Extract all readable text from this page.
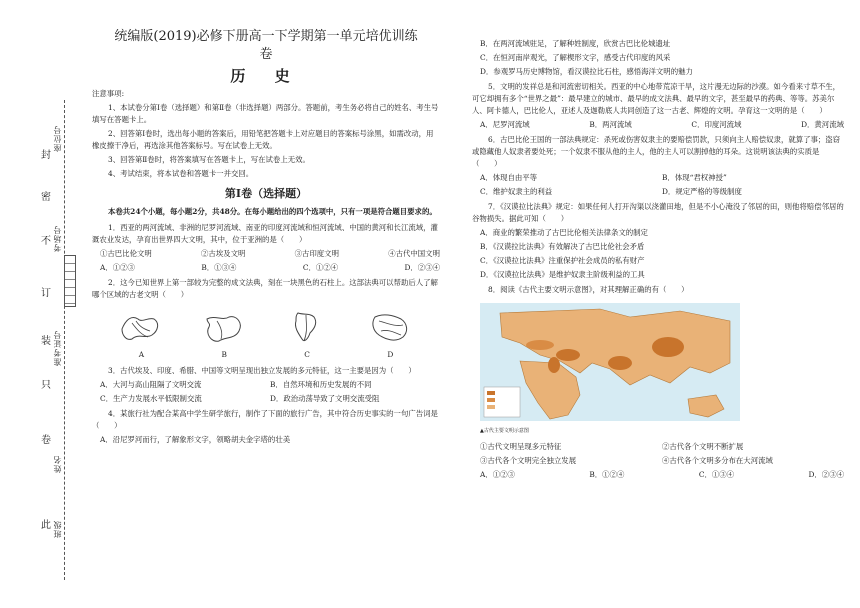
此
卷
只
装
订
不
密
封
班级
姓名
准考证号
考场号
座位号
统编版(2019)必修下册高一下学期第一单元培优训练
卷
历 史
注意事项:

1、本试卷分第Ⅰ卷（选择题）和第Ⅱ卷（非选择题）两部分。答题前，考生务必将自己的姓名、考生号填写在答题卡上。

2、回答第Ⅰ卷时，选出每小题的答案后，用铅笔把答题卡上对应题目的答案标号涂黑，如需改动，用橡皮擦干净后，再选涂其他答案标号。写在试卷上无效。

3、回答第Ⅱ卷时，将答案填写在答题卡上，写在试卷上无效。

4、考试结束，将本试卷和答题卡一并交回。

第Ⅰ卷（选择题）

本卷共24个小题，每小题2分，共48分。在每小题给出的四个选项中，只有一项是符合题目要求的。

1．西亚的两河流域、非洲的尼罗河流域、南亚的印度河流域和恒河流域、中国的黄河和长江流域，灌溉农业发达，孕育出世界四大文明，其中，位于亚洲的是（　　）

①古巴比伦文明	②古埃及文明	③古印度文明	④古代中国文明
A．①②③	B．①③④	C．①②④	D．②③④

2．这今已知世界上第一部较为完整的成文法典，刻在一块黑色的石柱上。这部法典可以帮助后人了解哪个区域的古老文明（　　）

A	B	C	D

3．古代埃及、印度、希腊、中国等文明呈现出独立发展的多元特征，这一主要是因为（　　）

A．大河与高山阻隔了文明交流	B．自然环境和历史发展的不同
C．生产力发展水平低限制交流	D．政治动荡导致了文明交流受阻

4．某旅行社为配合某高中学生研学旅行，制作了下面的旅行广告，其中符合历史事实的一句广告词是（　　）

A．沿尼罗河而行，了解象形文字，领略胡夫金字塔的壮美

B．在两河流域驻足，了解种姓制度，欣赏古巴比伦城遗址

C．在恒河南岸观光，了解楔形文字，感受古代印度的风采

D．参观罗马历史博物馆，看汉谟拉比石柱，感悟海洋文明的魅力

5．文明的发祥总是和河流密切相关。西亚的中心地带荒凉干旱，这片漫无边际的沙漠。如今看来寸草不生，可它却拥有多个“世界之最”：最早建立的城市、最早的成文法典、最早的文字，甚至最早的药典、等等。苏美尔人、阿卡德人，巴比伦人，亚述人及迦勒底人共同创造了这一古老、辉煌的文明。孕育这一文明的是（　　）

A．尼罗河流域	B．两河流域	C．印度河流域	D．黄河流域

6．古巴比伦王国的一部法典规定：杀死或伤害奴隶主的要赔偿罚款，只须向主人赔偿奴隶，就算了事；盗窃或隐藏他人奴隶者要处死；一个奴隶不服从他的主人，他的主人可以割掉他的耳朵。这说明该法典的实质是（　　）

A．体现自由平等	B．体现“君权神授”
C．维护奴隶主的利益	D．规定严格的等级制度

7．《汉谟拉比法典》规定：如果任何人打开沟渠以浇灌田地，但是不小心淹没了邻居的田，则他将赔偿邻居的谷物损失。据此可知（　　）

A．商业的繁荣推动了古巴比伦相关法律条文的制定

B．《汉谟拉比法典》有效解决了古巴比伦社会矛盾

C．《汉谟拉比法典》注重保护社会成员的私有财产

D．《汉谟拉比法典》是维护奴隶主阶级利益的工具

8．阅读《古代主要文明示意图》，对其理解正确的有（　　）

▲古代主要文明示意图
①古代文明呈现多元特征	②古代各个文明不断扩展
③古代各个文明完全独立发展	④古代各个文明多分布在大河流域
A．①②③	B．①②④	C．①③④	D．②③④
